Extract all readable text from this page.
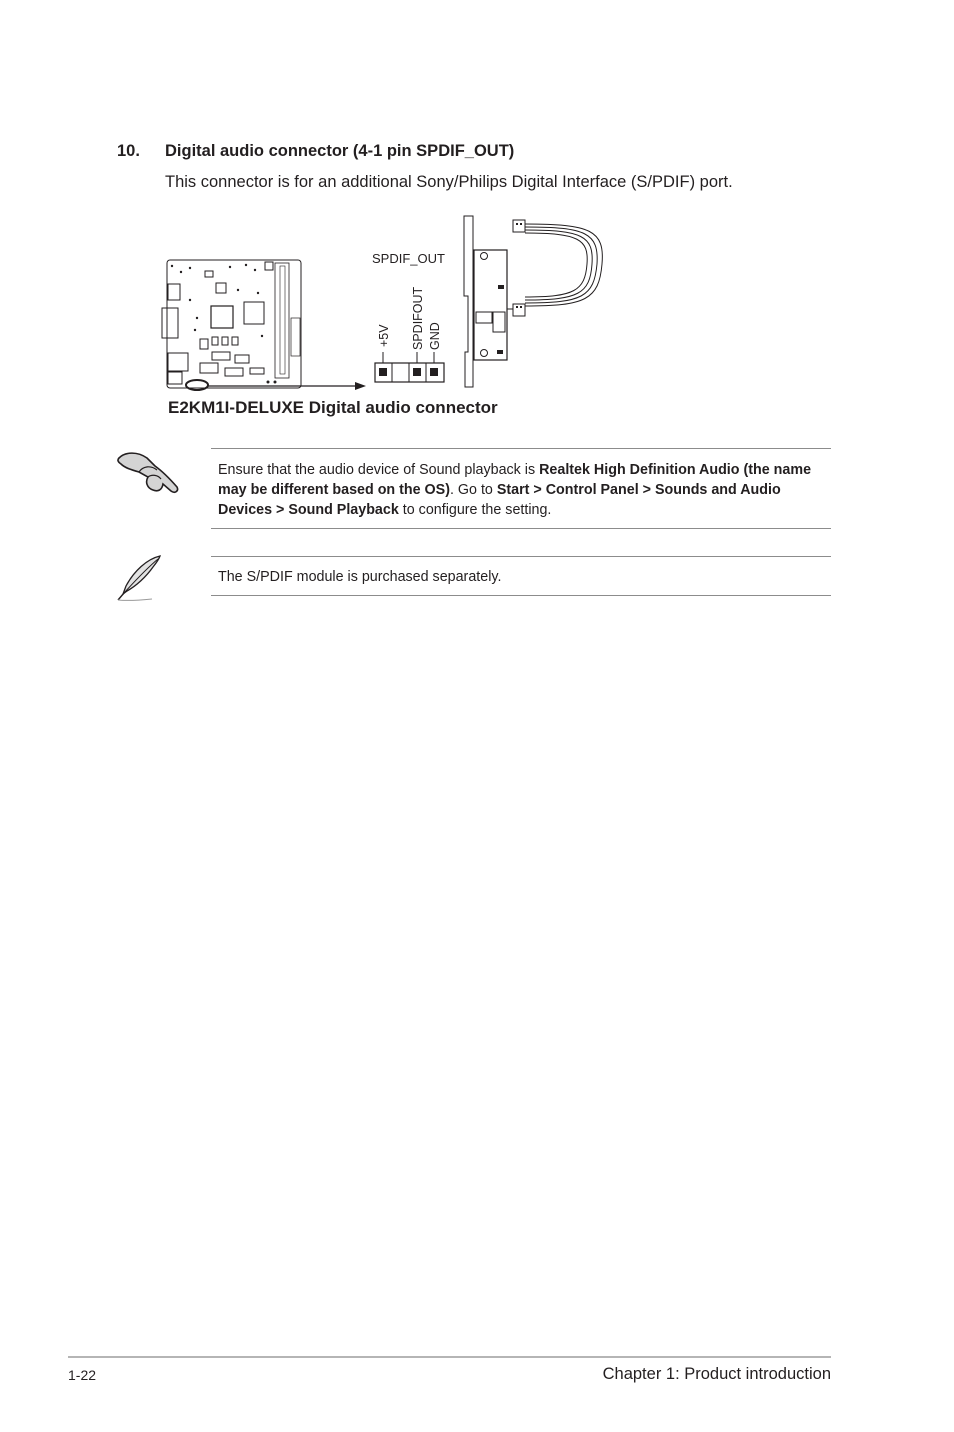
10. Digital audio connector (4-1 pin SPDIF_OUT)
This connector is for an additional Sony/Philips Digital Interface (S/PDIF) port.
SPDIF_OUT
+5V SPDIFOUT GND
E2KM1I-DELUXE Digital audio connector
Ensure that the audio device of Sound playback is Realtek High Definition Audio (the name may be different based on the OS). Go to Start > Control Panel > Sounds and Audio Devices > Sound Playback to configure the setting.
The S/PDIF module is purchased separately.
1-22	Chapter 1: Product introduction
